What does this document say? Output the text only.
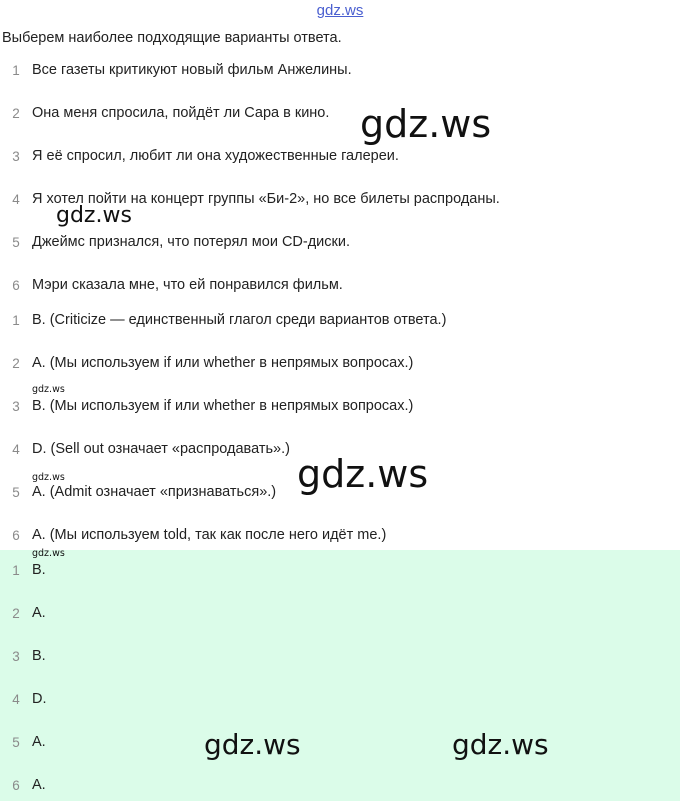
gdz.ws
Выберем наиболее подходящие варианты ответа.
1 Все газеты критикуют новый фильм Анжелины.
2 Она меня спросила, пойдёт ли Сара в кино.
3 Я её спросил, любит ли она художественные галереи.
4 Я хотел пойти на концерт группы «Би-2», но все билеты распроданы.
5 Джеймс признался, что потерял мои CD-диски.
6 Мэри сказала мне, что ей понравился фильм.
1 B. (Criticize — единственный глагол среди вариантов ответа.)
2 A. (Мы используем if или whether в непрямых вопросах.)
3 B. (Мы используем if или whether в непрямых вопросах.)
4 D. (Sell out означает «распродавать».)
5 A. (Admit означает «признаваться».)
6 A. (Мы используем told, так как после него идёт me.)
1 B.
2 A.
3 B.
4 D.
5 A.
6 A.
gdz.ws
gdz.ws
gdz.ws
gdz.ws	gdz.ws
gdz.ws
gdz.ws	gdz.ws
